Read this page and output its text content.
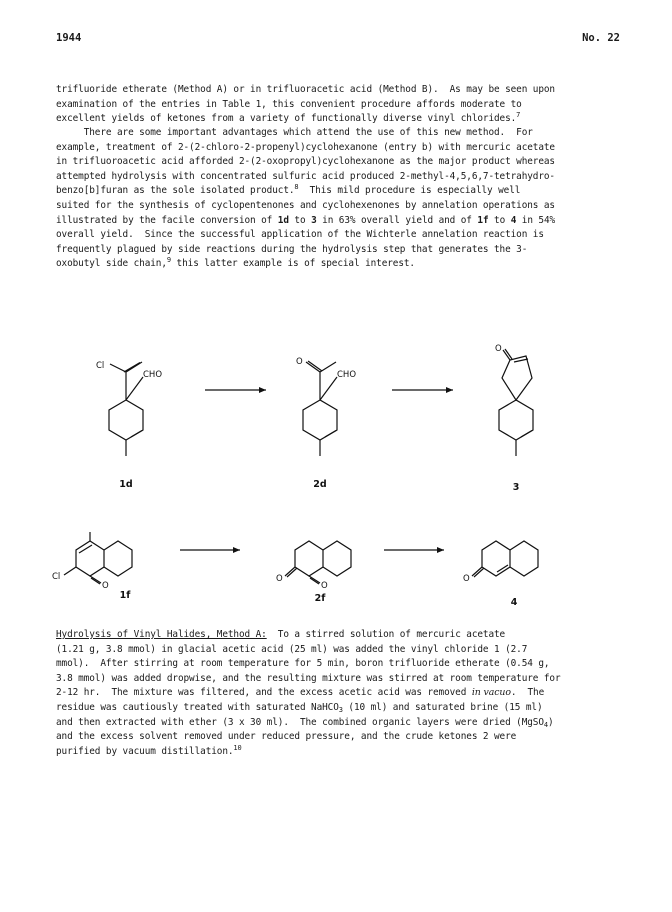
1944	No. 22
trifluoride etherate (Method A) or in trifluoracetic acid (Method B).  As may be seen upon
examination of the entries in Table 1, this convenient procedure affords moderate to
excellent yields of ketones from a variety of functionally diverse vinyl chlorides.$^7$
There are some important advantages which attend the use of this new method.  For
example, treatment of 2-(2-chloro-2-propenyl)cyclohexanone (entry b) with mercuric acetate
in trifluoroacetic acid afforded 2-(2-oxopropyl)cyclohexanone as the major product whereas
attempted hydrolysis with concentrated sulfuric acid produced 2-methyl-4,5,6,7-tetrahydro-
benzo[b]furan as the sole isolated product.$^8$  This mild procedure is especially well
suited for the synthesis of cyclopentenones and cyclohexenones by annelation operations as
illustrated by the facile conversion of 1d to 3 in 63% overall yield and of 1f to 4 in 54%
overall yield.  Since the successful application of the Wichterle annelation reaction is
frequently plagued by side reactions during the hydrolysis step that generates the 3-
oxobutyl side chain,$^9$ this latter example is of special interest.
Cl
CHO
O
CHO
O
Cl
O
O
O
O
1d	2d	3
1f	2f	4
Hydrolysis of Vinyl Halides, Method A:  To a stirred solution of mercuric acetate
(1.21 g, 3.8 mmol) in glacial acetic acid (25 ml) was added the vinyl chloride 1 (2.7
mmol).  After stirring at room temperature for 5 min, boron trifluoride etherate (0.54 g,
3.8 mmol) was added dropwise, and the resulting mixture was stirred at room temperature for
2-12 hr.  The mixture was filtered, and the excess acetic acid was removed in vacuo.  The
residue was cautiously treated with saturated NaHCO$_3$ (10 ml) and saturated brine (15 ml)
and then extracted with ether (3 x 30 ml).  The combined organic layers were dried (MgSO$_4$)
and the excess solvent removed under reduced pressure, and the crude ketones 2 were
purified by vacuum distillation.$^{10}$
